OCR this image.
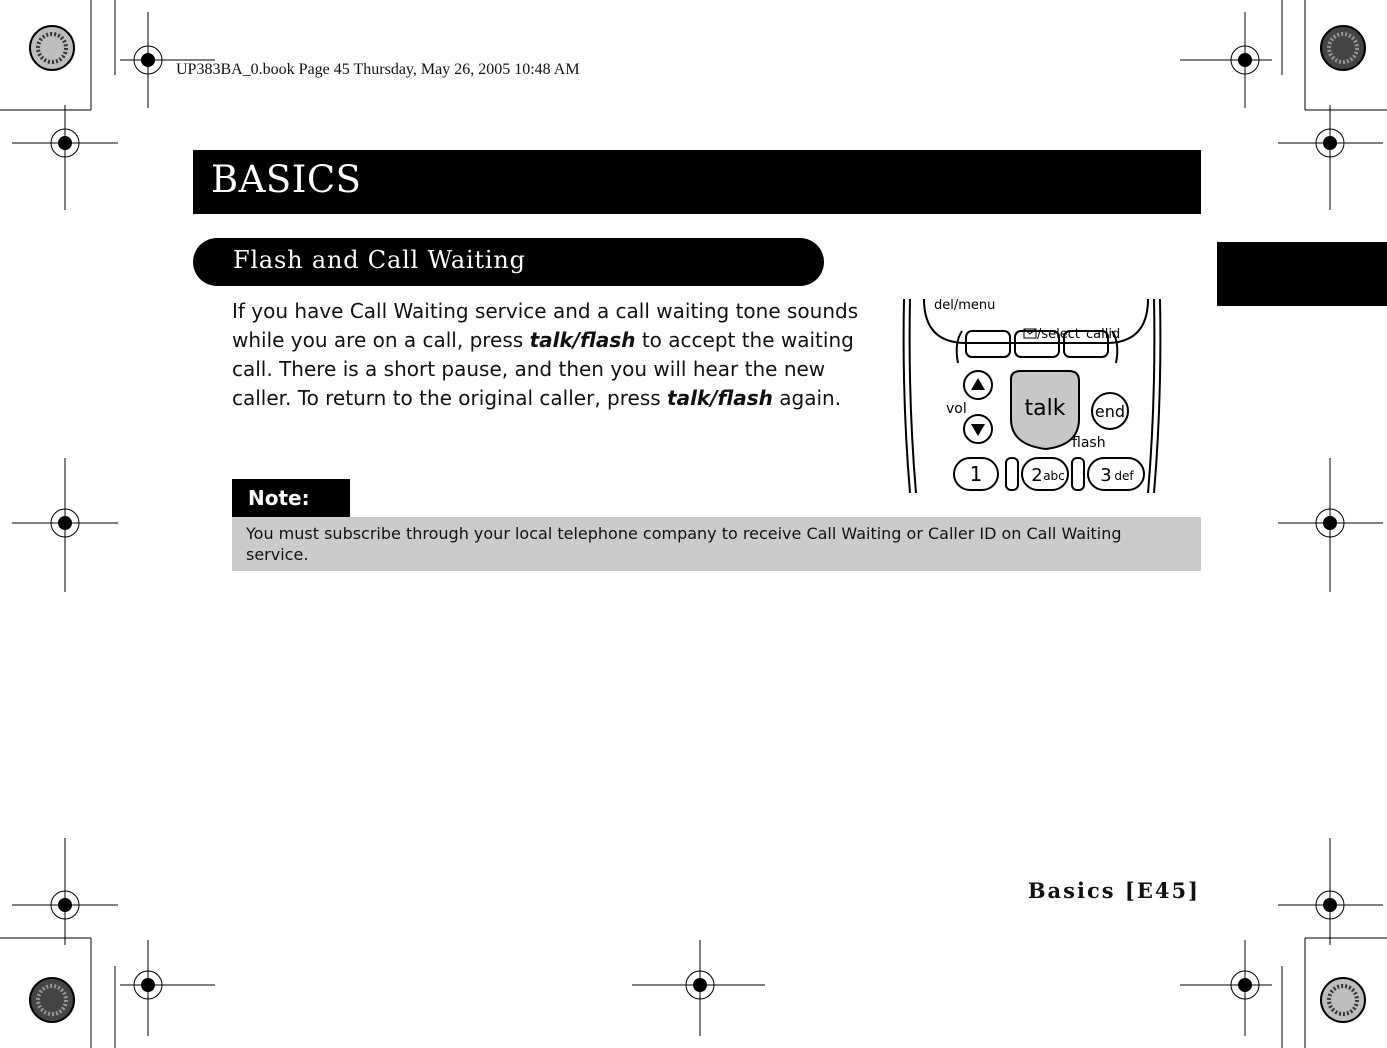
UP383BA_0.book Page 45 Thursday, May 26, 2005 10:48 AM
BASICS
Flash and Call Waiting
If you have Call Waiting service and a call waiting tone sounds while you are on a call, press talk/flash to accept the waiting call. There is a short pause, and then you will hear the new caller. To return to the original caller, press talk/flash again.
del/menu
/select callid
vol	talk end
flash
1	2 abc 3 def
Note:
You must subscribe through your local telephone company to receive Call Waiting or Caller ID on Call Waiting service.
Basics [E45]
